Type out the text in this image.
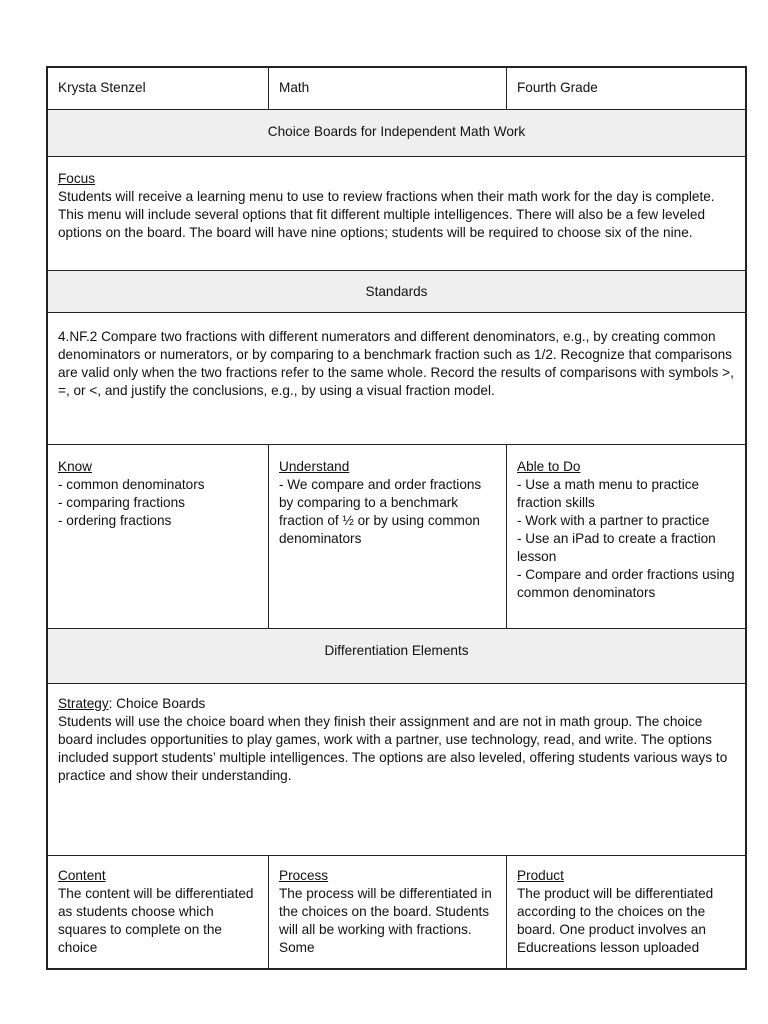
Krysta Stenzel	Math	Fourth Grade
Choice Boards for Independent Math Work
Focus
Students will receive a learning menu to use to review fractions when their math work for the day is complete. This menu will include several options that fit different multiple intelligences. There will also be a few leveled options on the board. The board will have nine options; students will be required to choose six of the nine.
Standards
4.NF.2 Compare two fractions with different numerators and different denominators, e.g., by creating common denominators or numerators, or by comparing to a benchmark fraction such as 1/2. Recognize that comparisons are valid only when the two fractions refer to the same whole. Record the results of comparisons with symbols >, =, or <, and justify the conclusions, e.g., by using a visual fraction model.
Know
- common denominators
- comparing fractions
- ordering fractions
Understand
- We compare and order fractions by comparing to a benchmark fraction of ½ or by using common denominators
Able to Do
- Use a math menu to practice fraction skills
- Work with a partner to practice
- Use an iPad to create a fraction lesson
- Compare and order fractions using common denominators
Differentiation Elements
Strategy: Choice Boards
Students will use the choice board when they finish their assignment and are not in math group. The choice board includes opportunities to play games, work with a partner, use technology, read, and write. The options included support students’ multiple intelligences. The options are also leveled, offering students various ways to practice and show their understanding.
Content
The content will be differentiated as students choose which squares to complete on the choice
Process
The process will be differentiated in the choices on the board. Students will all be working with fractions. Some
Product
The product will be differentiated according to the choices on the board. One product involves an Educreations lesson uploaded
